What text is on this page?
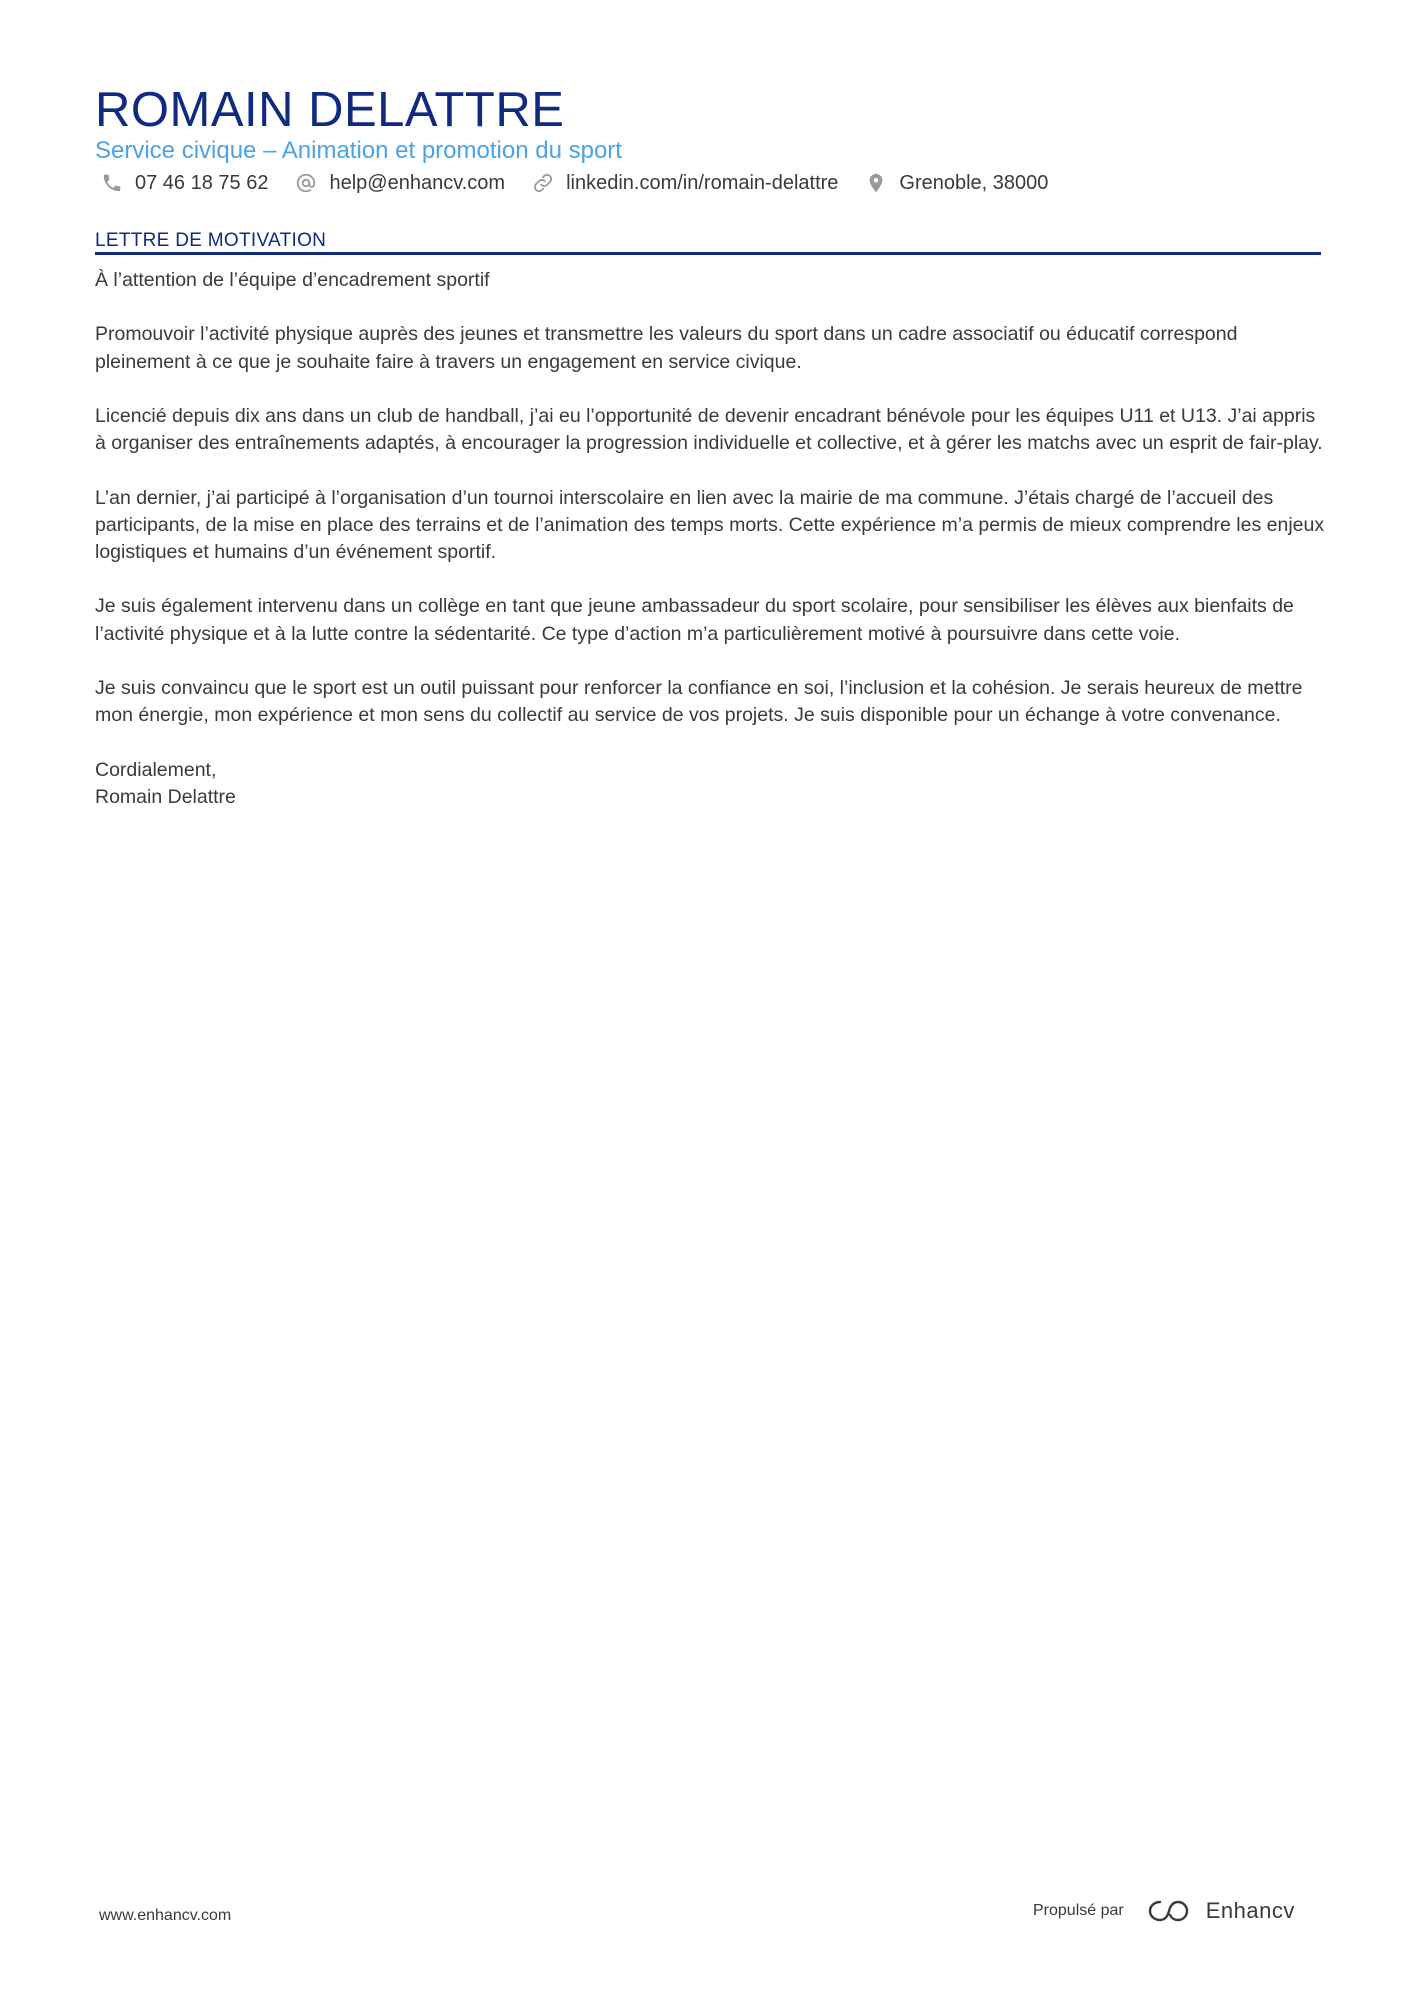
ROMAIN DELATTRE
Service civique – Animation et promotion du sport
07 46 18 75 62	help@enhancv.com	linkedin.com/in/romain-delattre	Grenoble, 38000
LETTRE DE MOTIVATION

À l’attention de l’équipe d’encadrement sportif

Promouvoir l’activité physique auprès des jeunes et transmettre les valeurs du sport dans un cadre associatif ou éducatif correspond pleinement à ce que je souhaite faire à travers un engagement en service civique.

Licencié depuis dix ans dans un club de handball, j’ai eu l’opportunité de devenir encadrant bénévole pour les équipes U11 et U13. J’ai appris à organiser des entraînements adaptés, à encourager la progression individuelle et collective, et à gérer les matchs avec un esprit de fair-play.

L’an dernier, j’ai participé à l’organisation d’un tournoi interscolaire en lien avec la mairie de ma commune. J’étais chargé de l’accueil des participants, de la mise en place des terrains et de l’animation des temps morts. Cette expérience m’a permis de mieux comprendre les enjeux logistiques et humains d’un événement sportif.

Je suis également intervenu dans un collège en tant que jeune ambassadeur du sport scolaire, pour sensibiliser les élèves aux bienfaits de l’activité physique et à la lutte contre la sédentarité. Ce type d’action m’a particulièrement motivé à poursuivre dans cette voie.

Je suis convaincu que le sport est un outil puissant pour renforcer la confiance en soi, l’inclusion et la cohésion. Je serais heureux de mettre mon énergie, mon expérience et mon sens du collectif au service de vos projets. Je suis disponible pour un échange à votre convenance.

Cordialement,

Romain Delattre

www.enhancv.com	Propulsé par	Enhancv
